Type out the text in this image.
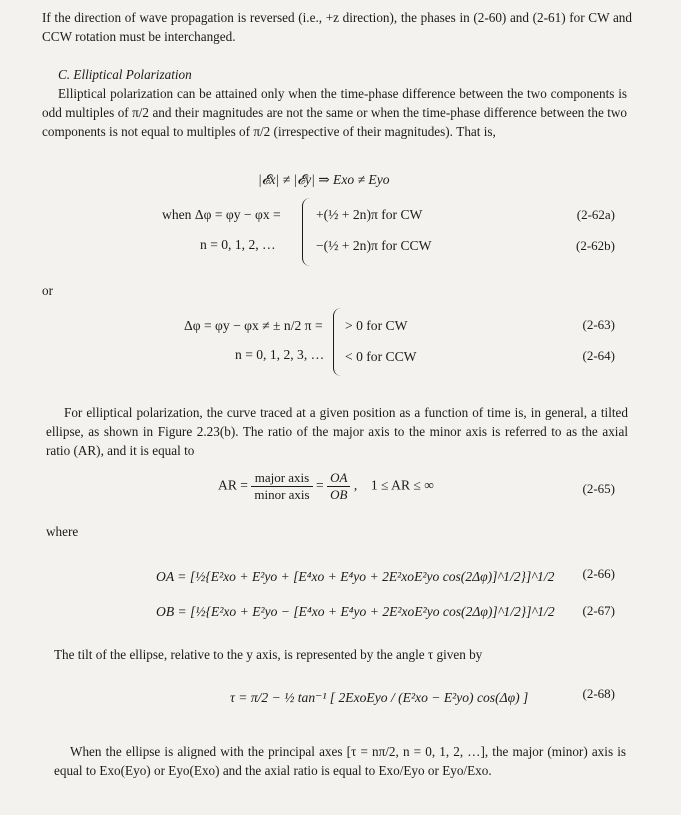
If the direction of wave propagation is reversed (i.e., +z direction), the phases in (2-60) and (2-61) for CW and CCW rotation must be interchanged.
C. Elliptical Polarization
Elliptical polarization can be attained only when the time-phase difference between the two components is odd multiples of π/2 and their magnitudes are not the same or when the time-phase difference between the two components is not equal to multiples of π/2 (irrespective of their magnitudes). That is,
|𝓔x| ≠ |𝓔y| ⇒ Exo ≠ Eyo
when Δφ = φy − φx =
n = 0, 1, 2, …
+(½ + 2n)π for CW
−(½ + 2n)π for CCW
(2-62a)
(2-62b)
or
Δφ = φy − φx ≠ ± n/2 π =
n = 0, 1, 2, 3, …
> 0 for CW
< 0 for CCW
(2-63)
(2-64)
For elliptical polarization, the curve traced at a given position as a function of time is, in general, a tilted ellipse, as shown in Figure 2.23(b). The ratio of the major axis to the minor axis is referred to as the axial ratio (AR), and it is equal to
AR = $\frac{\text{major axis}}{\text{minor axis}} = \frac{OA}{OB}$ ,    1 ≤ AR ≤ ∞	(2-65)
where
OA = [½{E²xo + E²yo + [E⁴xo + E⁴yo + 2E²xoE²yo cos(2Δφ)]^1/2}]^1/2 (2-66)
OB = [½{E²xo + E²yo − [E⁴xo + E⁴yo + 2E²xoE²yo cos(2Δφ)]^1/2}]^1/2 (2-67)
The tilt of the ellipse, relative to the y axis, is represented by the angle τ given by
τ = π/2 − ½ tan⁻¹ [ 2ExoEyo / (E²xo − E²yo) cos(Δφ) ]	(2-68)
When the ellipse is aligned with the principal axes [τ = nπ/2, n = 0, 1, 2, …], the major (minor) axis is equal to Exo(Eyo) or Eyo(Exo) and the axial ratio is equal to Exo/Eyo or Eyo/Exo.
